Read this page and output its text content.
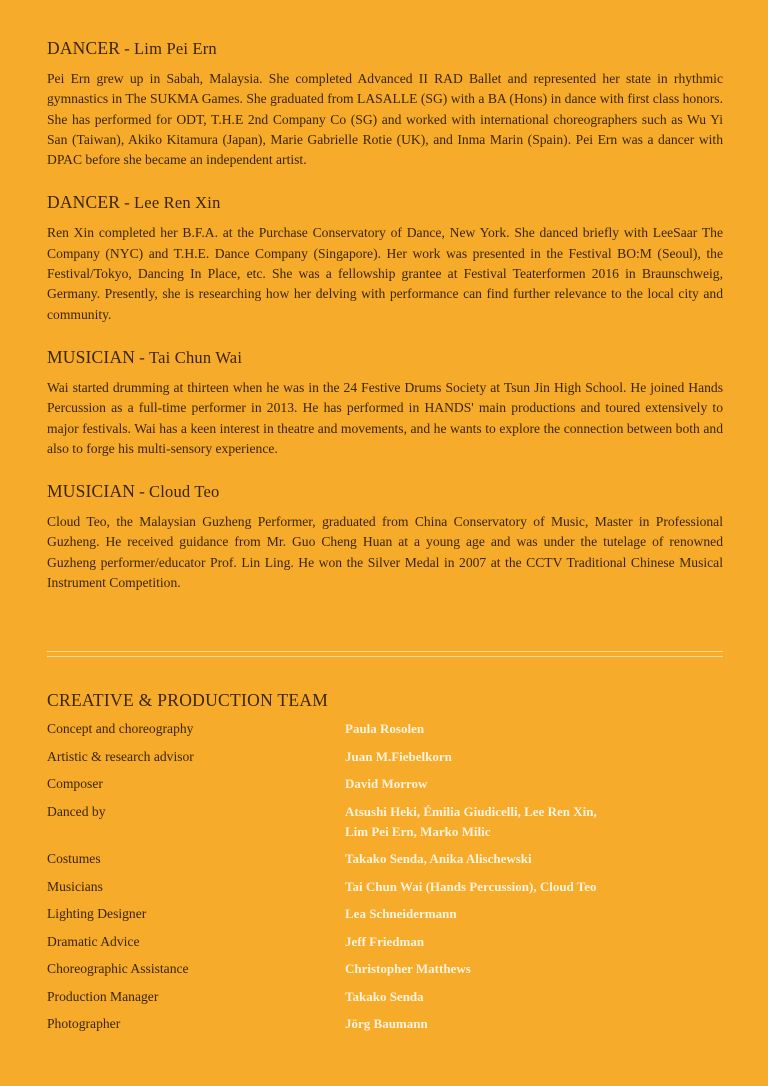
DANCER - Lim Pei Ern

Pei Ern grew up in Sabah, Malaysia. She completed Advanced II RAD Ballet and represented her state in rhythmic gymnastics in The SUKMA Games. She graduated from LASALLE (SG) with a BA (Hons) in dance with first class honors. She has performed for ODT, T.H.E 2nd Company Co (SG) and worked with international choreographers such as Wu Yi San (Taiwan), Akiko Kitamura (Japan), Marie Gabrielle Rotie (UK), and Inma Marin (Spain). Pei Ern was a dancer with DPAC before she became an independent artist.

DANCER - Lee Ren Xin

Ren Xin completed her B.F.A. at the Purchase Conservatory of Dance, New York. She danced briefly with LeeSaar The Company (NYC) and T.H.E. Dance Company (Singapore). Her work was presented in the Festival BO:M (Seoul), the Festival/Tokyo, Dancing In Place, etc. She was a fellowship grantee at Festival Teaterformen 2016 in Braunschweig, Germany. Presently, she is researching how her delving with performance can find further relevance to the local city and community.

MUSICIAN - Tai Chun Wai

Wai started drumming at thirteen when he was in the 24 Festive Drums Society at Tsun Jin High School. He joined Hands Percussion as a full-time performer in 2013. He has performed in HANDS' main productions and toured extensively to major festivals. Wai has a keen interest in theatre and movements, and he wants to explore the connection between both and also to forge his multi-sensory experience.

MUSICIAN - Cloud Teo

Cloud Teo, the Malaysian Guzheng Performer, graduated from China Conservatory of Music, Master in Professional Guzheng. He received guidance from Mr. Guo Cheng Huan at a young age and was under the tutelage of renowned Guzheng performer/educator Prof. Lin Ling. He won the Silver Medal in 2007 at the CCTV Traditional Chinese Musical Instrument Competition.

CREATIVE & PRODUCTION TEAM
Concept and choreography	Paula Rosolen
Artistic & research advisor	Juan M.Fiebelkorn
Composer	David Morrow
Danced by	Atsushi Heki, Émilia Giudicelli, Lee Ren Xin,
Lim Pei Ern, Marko Milic
Costumes	Takako Senda, Anika Alischewski
Musicians	Tai Chun Wai (Hands Percussion), Cloud Teo
Lighting Designer	Lea Schneidermann
Dramatic Advice	Jeff Friedman
Choreographic Assistance	Christopher Matthews
Production Manager	Takako Senda
Photographer	Jörg Baumann
